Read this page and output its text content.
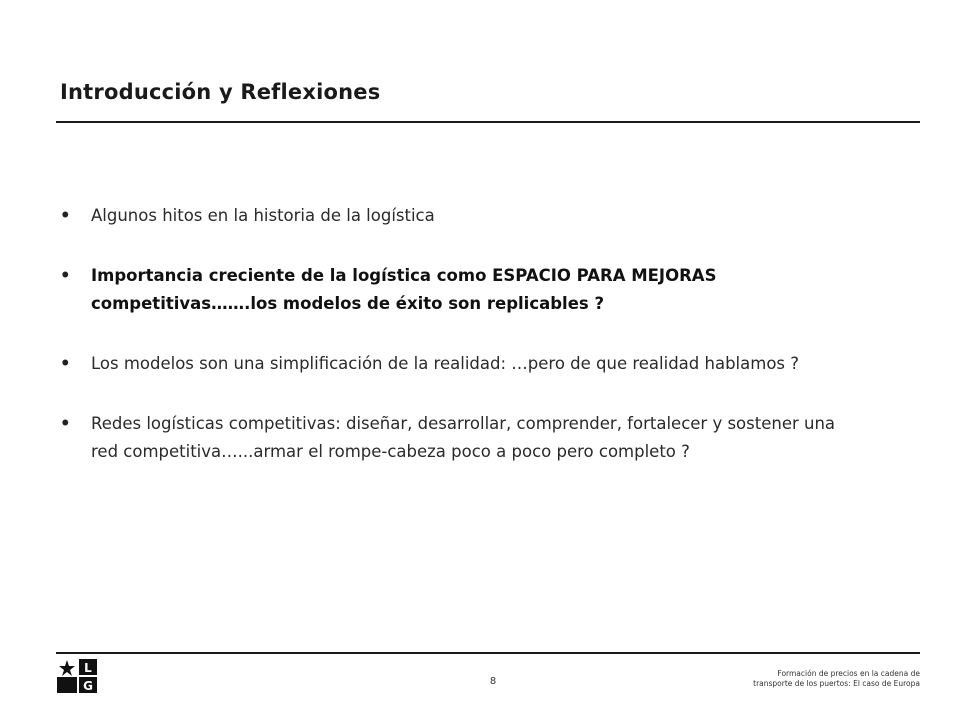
Introducción y Reflexiones
• Algunos hitos en la historia de la logística
• Importancia creciente de la logística como ESPACIO PARA MEJORAS competitivas…….los modelos de éxito son replicables ?
• Los modelos son una simplificación de la realidad: …pero de que realidad hablamos ?
• Redes logísticas competitivas: diseñar, desarrollar, comprender, fortalecer y sostener una red competitiva…...armar el rompe-cabeza poco a poco pero completo ?
L
G	8
Formación de precios en la cadena de
transporte de los puertos: El caso de Europa
